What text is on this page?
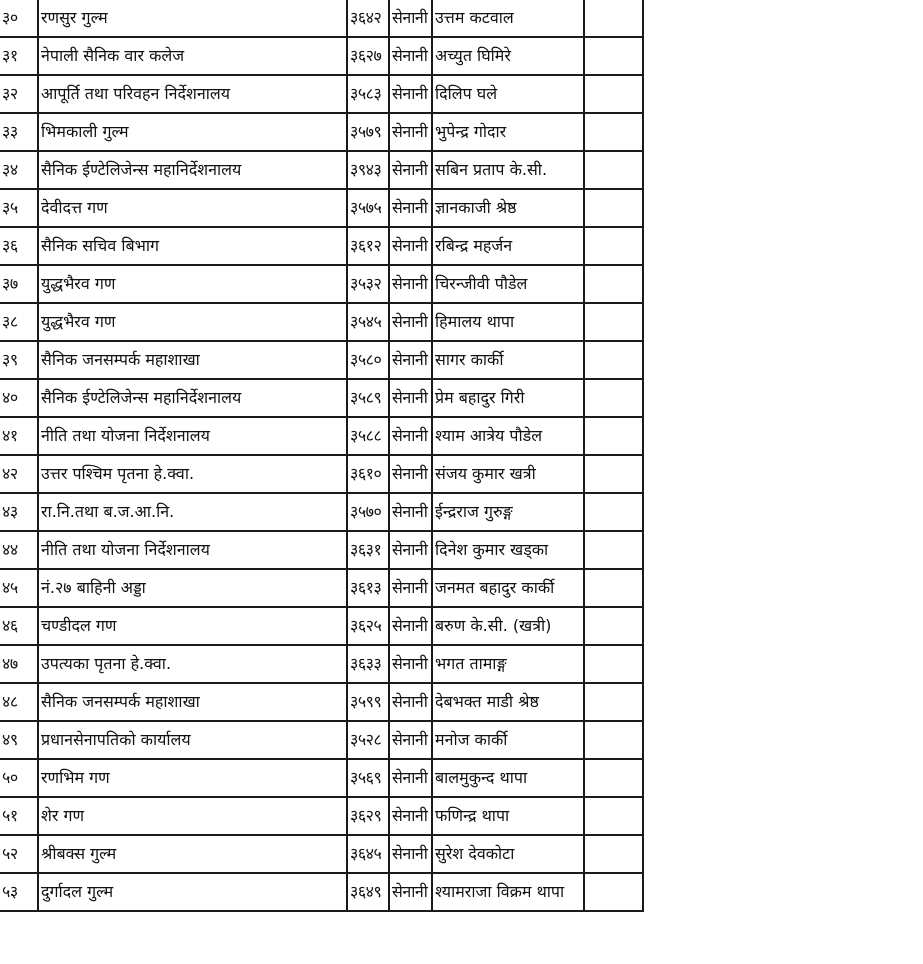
३०	रणसुर गुल्म	३६४२	सेनानी	उत्तम कटवाल	
३१	नेपाली सैनिक वार कलेज	३६२७	सेनानी	अच्युत घिमिरे	
३२	आपूर्ति तथा परिवहन निर्देशनालय	३५८३	सेनानी	दिलिप घले	
३३	भिमकाली गुल्म	३५७९	सेनानी	भुपेन्द्र गोदार	
३४	सैनिक ईण्टेलिजेन्स महानिर्देशनालय	३९४३	सेनानी	सबिन प्रताप के.सी.	
३५	देवीदत्त गण	३५७५	सेनानी	ज्ञानकाजी श्रेष्ठ	
३६	सैनिक सचिव बिभाग	३६१२	सेनानी	रबिन्द्र महर्जन	
३७	युद्धभैरव गण	३५३२	सेनानी	चिरन्जीवी पौडेल	
३८	युद्धभैरव गण	३५४५	सेनानी	हिमालय थापा	
३९	सैनिक जनसम्पर्क महाशाखा	३५८०	सेनानी	सागर कार्की	
४०	सैनिक ईण्टेलिजेन्स महानिर्देशनालय	३५८९	सेनानी	प्रेम बहादुर गिरी	
४१	नीति तथा योजना निर्देशनालय	३५८८	सेनानी	श्याम आत्रेय पौडेल	
४२	उत्तर पश्चिम पृतना हे.क्वा.	३६१०	सेनानी	संजय कुमार खत्री	
४३	रा.नि.तथा ब.ज.आ.नि.	३५७०	सेनानी	ईन्द्रराज गुरुङ्ग	
४४	नीति तथा योजना निर्देशनालय	३६३१	सेनानी	दिनेश कुमार खड्का	
४५	नं.२७ बाहिनी अड्डा	३६१३	सेनानी	जनमत बहादुर कार्की	
४६	चण्डीदल गण	३६२५	सेनानी	बरुण के.सी. (खत्री)	
४७	उपत्यका पृतना हे.क्वा.	३६३३	सेनानी	भगत तामाङ्ग	
४८	सैनिक जनसम्पर्क महाशाखा	३५९९	सेनानी	देबभक्त माडी श्रेष्ठ	
४९	प्रधानसेनापतिको कार्यालय	३५२८	सेनानी	मनोज कार्की	
५०	रणभिम गण	३५६९	सेनानी	बालमुकुन्द थापा	
५१	शेर गण	३६२९	सेनानी	फणिन्द्र थापा	
५२	श्रीबक्स गुल्म	३६४५	सेनानी	सुरेश देवकोटा	
५३	दुर्गादल गुल्म	३६४९	सेनानी	श्यामराजा विक्रम थापा	
